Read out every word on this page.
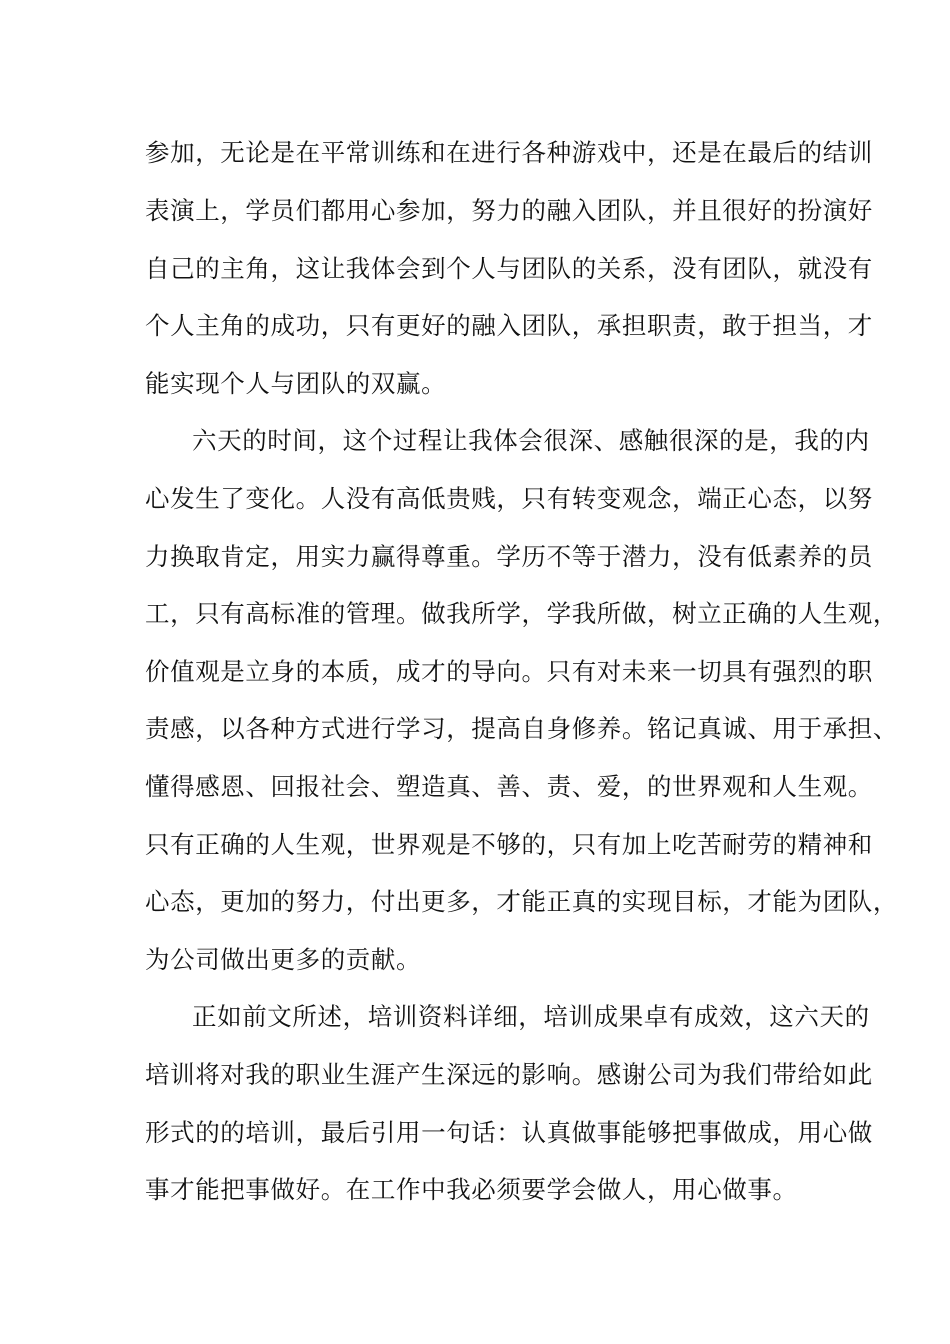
参加，无论是在平常训练和在进行各种游戏中，还是在最后的结训
表演上，学员们都用心参加，努力的融入团队，并且很好的扮演好
自己的主角，这让我体会到个人与团队的关系，没有团队，就没有
个人主角的成功，只有更好的融入团队，承担职责，敢于担当，才
能实现个人与团队的双赢。
六天的时间，这个过程让我体会很深、感触很深的是，我的内
心发生了变化。人没有高低贵贱，只有转变观念，端正心态，以努
力换取肯定，用实力赢得尊重。学历不等于潜力，没有低素养的员
工，只有高标准的管理。做我所学，学我所做，树立正确的人生观，
价值观是立身的本质，成才的导向。只有对未来一切具有强烈的职
责感，以各种方式进行学习，提高自身修养。铭记真诚、用于承担、
懂得感恩、回报社会、塑造真、善、责、爱，的世界观和人生观。
只有正确的人生观，世界观是不够的，只有加上吃苦耐劳的精神和
心态，更加的努力，付出更多，才能正真的实现目标，才能为团队，
为公司做出更多的贡献。
正如前文所述，培训资料详细，培训成果卓有成效，这六天的
培训将对我的职业生涯产生深远的影响。感谢公司为我们带给如此
形式的的培训，最后引用一句话：认真做事能够把事做成，用心做
事才能把事做好。在工作中我必须要学会做人，用心做事。
